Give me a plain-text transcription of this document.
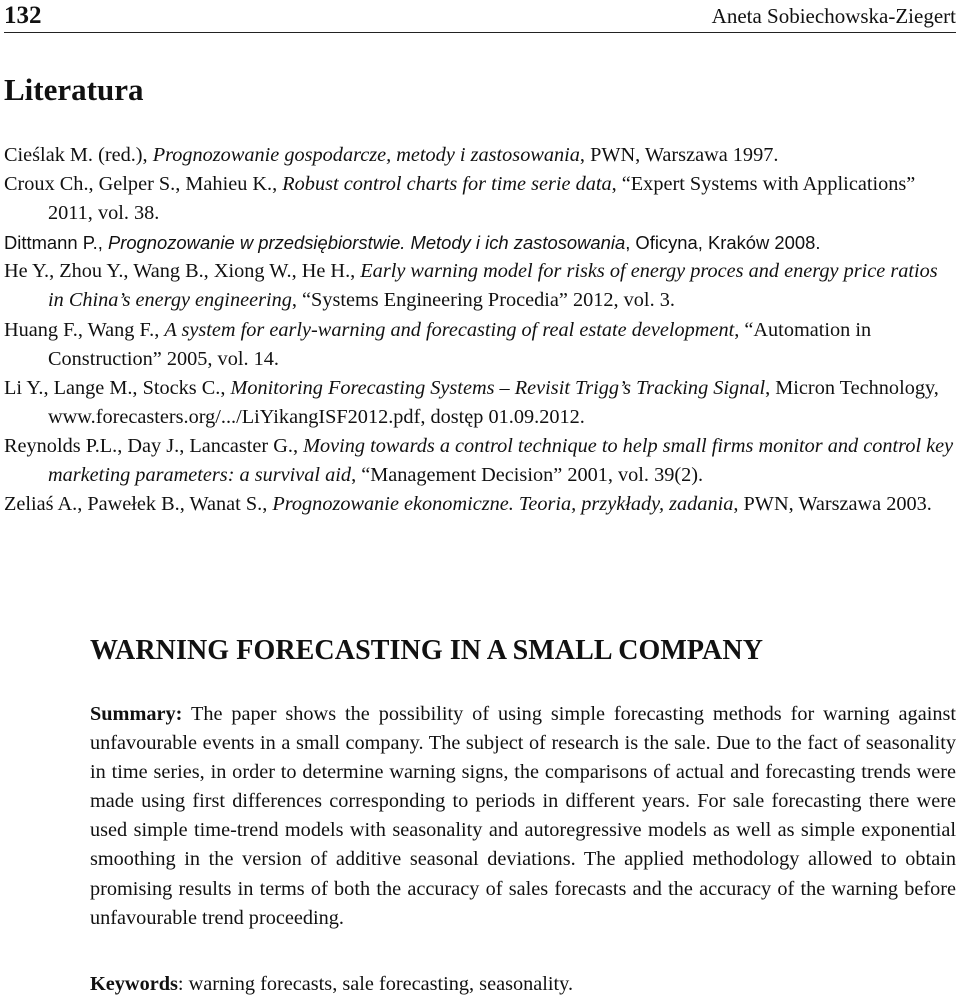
132	Aneta Sobiechowska-Ziegert
Literatura
Cieślak M. (red.), Prognozowanie gospodarcze, metody i zastosowania, PWN, Warszawa 1997.
Croux Ch., Gelper S., Mahieu K., Robust control charts for time serie data, “Expert Systems with Applications” 2011, vol. 38.
Dittmann P., Prognozowanie w przedsiębiorstwie. Metody i ich zastosowania, Oficyna, Kraków 2008.
He Y., Zhou Y., Wang B., Xiong W., He H., Early warning model for risks of energy proces and energy price ratios in China’s energy engineering, “Systems Engineering Procedia” 2012, vol. 3.
Huang F., Wang F., A system for early-warning and forecasting of real estate development, “Automation in Construction” 2005, vol. 14.
Li Y., Lange M., Stocks C., Monitoring Forecasting Systems – Revisit Trigg’s Tracking Signal, Micron Technology, www.forecasters.org/.../LiYikangISF2012.pdf, dostęp 01.09.2012.
Reynolds P.L., Day J., Lancaster G., Moving towards a control technique to help small firms monitor and control key marketing parameters: a survival aid, “Management Decision” 2001, vol. 39(2).
Zeliaś A., Pawełek B., Wanat S., Prognozowanie ekonomiczne. Teoria, przykłady, zadania, PWN, Warszawa 2003.
WARNING FORECASTING IN A SMALL COMPANY

Summary: The paper shows the possibility of using simple forecasting methods for warning against unfavourable events in a small company. The subject of research is the sale. Due to the fact of seasonality in time series, in order to determine warning signs, the comparisons of actual and forecasting trends were made using first differences corresponding to periods in different years. For sale forecasting there were used simple time-trend models with seasonality and autoregressive models as well as simple exponential smoothing in the version of additive seasonal deviations. The applied methodology allowed to obtain promising results in terms of both the accuracy of sales forecasts and the accuracy of the warning before unfavourable trend proceeding.

Keywords: warning forecasts, sale forecasting, seasonality.
